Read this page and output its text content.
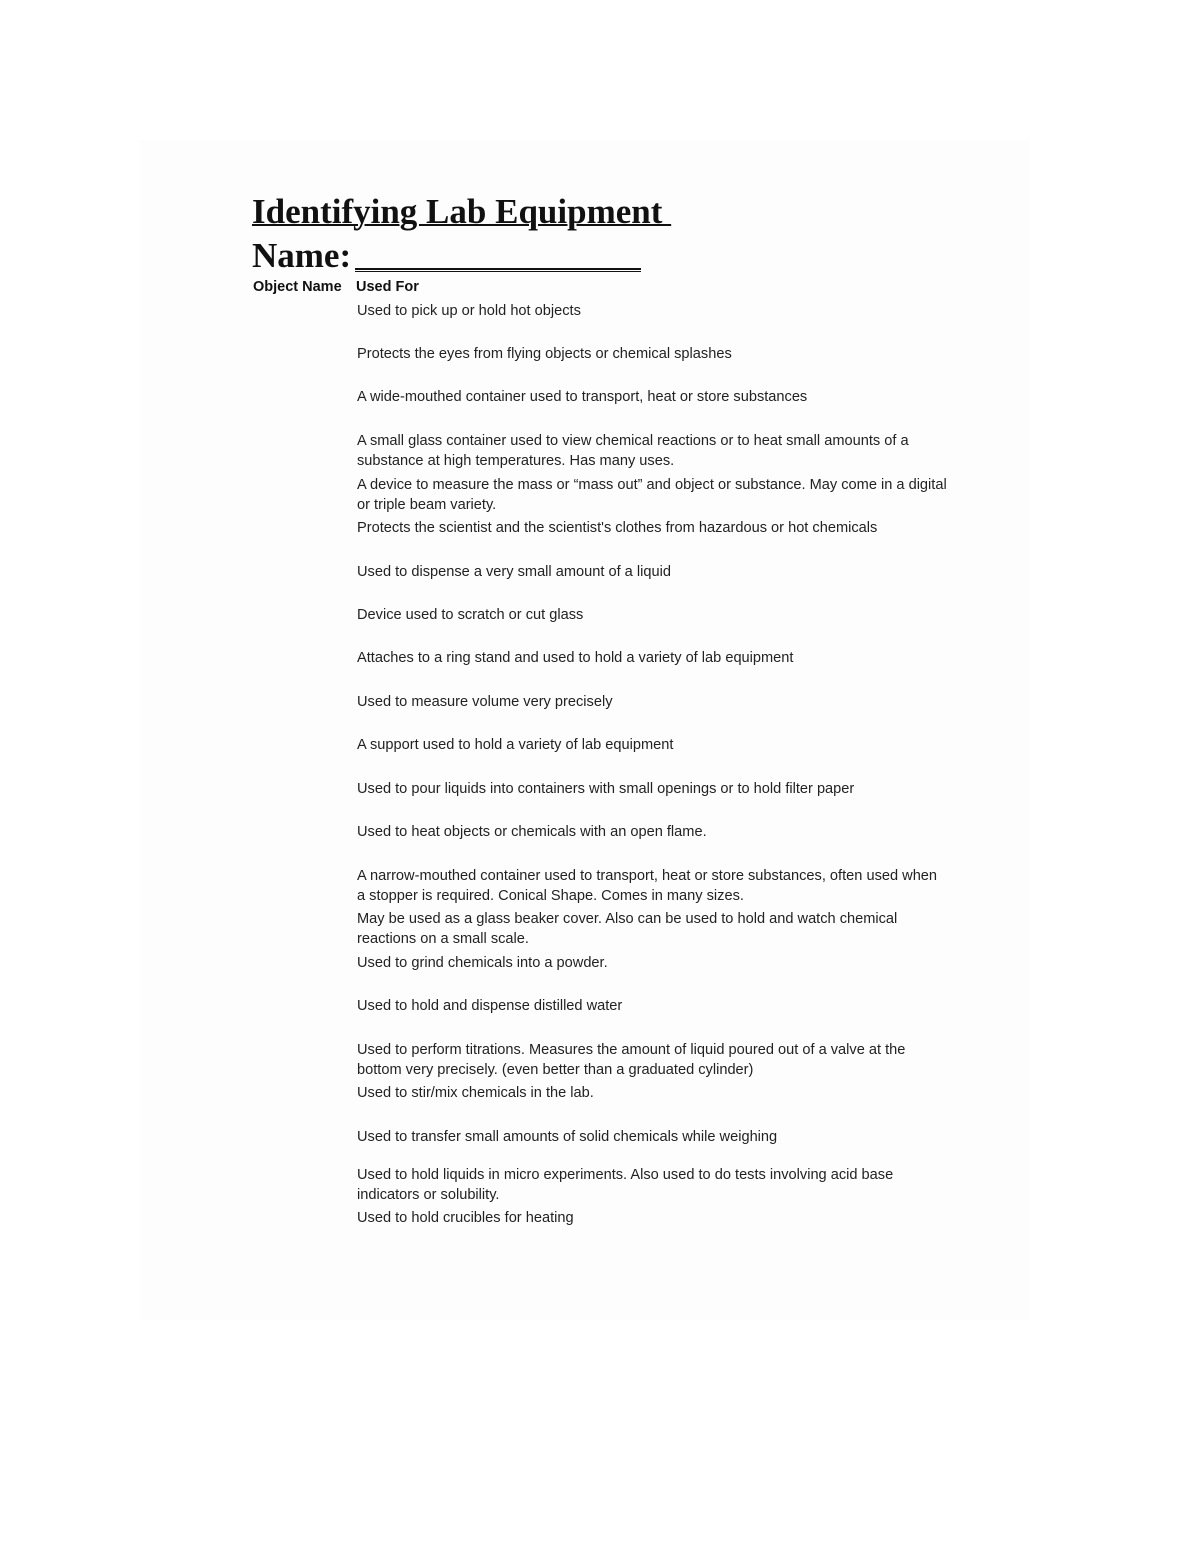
Identifying Lab Equipment
Name:
Object Name Used For
Used to pick up or hold hot objects
Protects the eyes from flying objects or chemical splashes
A wide-mouthed container used to transport, heat or store substances
A small glass container used to view chemical reactions or to heat small amounts of a substance at high temperatures. Has many uses.
A device to measure the mass or “mass out” and object or substance. May come in a digital or triple beam variety.
Protects the scientist and the scientist's clothes from hazardous or hot chemicals
Used to dispense a very small amount of a liquid
Device used to scratch or cut glass
Attaches to a ring stand and used to hold a variety of lab equipment
Used to measure volume very precisely
A support used to hold a variety of lab equipment
Used to pour liquids into containers with small openings or to hold filter paper
Used to heat objects or chemicals with an open flame.
A narrow-mouthed container used to transport, heat or store substances, often used when a stopper is required. Conical Shape. Comes in many sizes.
May be used as a glass beaker cover. Also can be used to hold and watch chemical reactions on a small scale.
Used to grind chemicals into a powder.
Used to hold and dispense distilled water
Used to perform titrations. Measures the amount of liquid poured out of a valve at the bottom very precisely. (even better than a graduated cylinder)
Used to stir/mix chemicals in the lab.
Used to transfer small amounts of solid chemicals while weighing
Used to hold liquids in micro experiments. Also used to do tests involving acid base indicators or solubility.
Used to hold crucibles for heating
